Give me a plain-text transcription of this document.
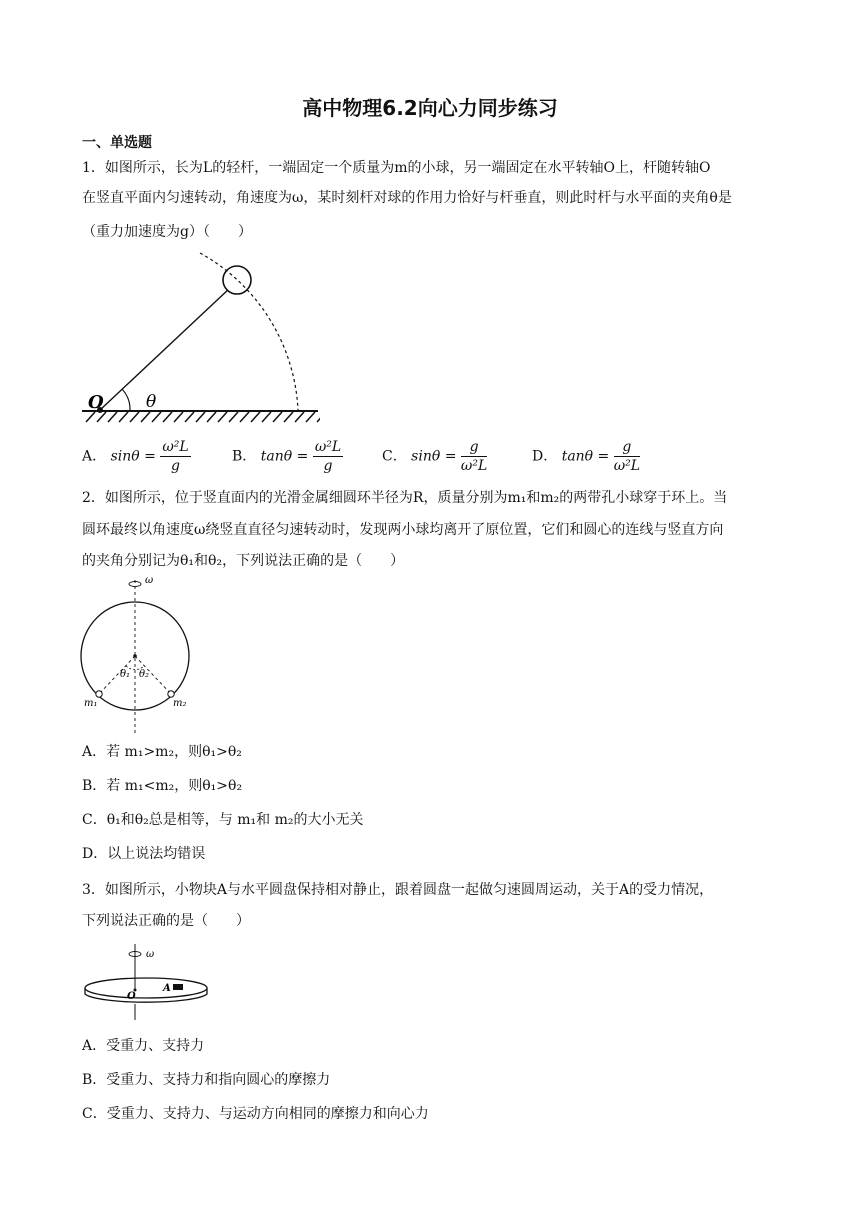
高中物理6.2向心力同步练习
一、单选题
1．如图所示，长为L的轻杆，一端固定一个质量为m的小球，另一端固定在水平转轴O上，杆随转轴O
在竖直平面内匀速转动，角速度为ω，某时刻杆对球的作用力恰好与杆垂直，则此时杆与水平面的夹角θ是
（重力加速度为g）（　　）
O θ
A． $\sin\theta = \frac{\text{ω²L}}{g}$	B． $\tan\theta = \frac{\text{ω²L}}{g}$	C． $\sin\theta = \frac{g}{\text{ω²L}}$	D． $\tan\theta = \frac{g}{\text{ω²L}}$
2．如图所示，位于竖直面内的光滑金属细圆环半径为R，质量分别为m₁和m₂的两带孔小球穿于环上。当
圆环最终以角速度ω绕竖直直径匀速转动时，发现两小球均离开了原位置，它们和圆心的连线与竖直方向
的夹角分别记为θ₁和θ₂，下列说法正确的是（　　）
ω
θ₁ θ₂
m₁	m₂
A．若 m₁>m₂，则θ₁>θ₂
B．若 m₁<m₂，则θ₁>θ₂
C．θ₁和θ₂总是相等，与 m₁和 m₂的大小无关
D．以上说法均错误
3．如图所示，小物块A与水平圆盘保持相对静止，跟着圆盘一起做匀速圆周运动，关于A的受力情况，
下列说法正确的是（　　）
ω
O
A
A．受重力、支持力
B．受重力、支持力和指向圆心的摩擦力
C．受重力、支持力、与运动方向相同的摩擦力和向心力
